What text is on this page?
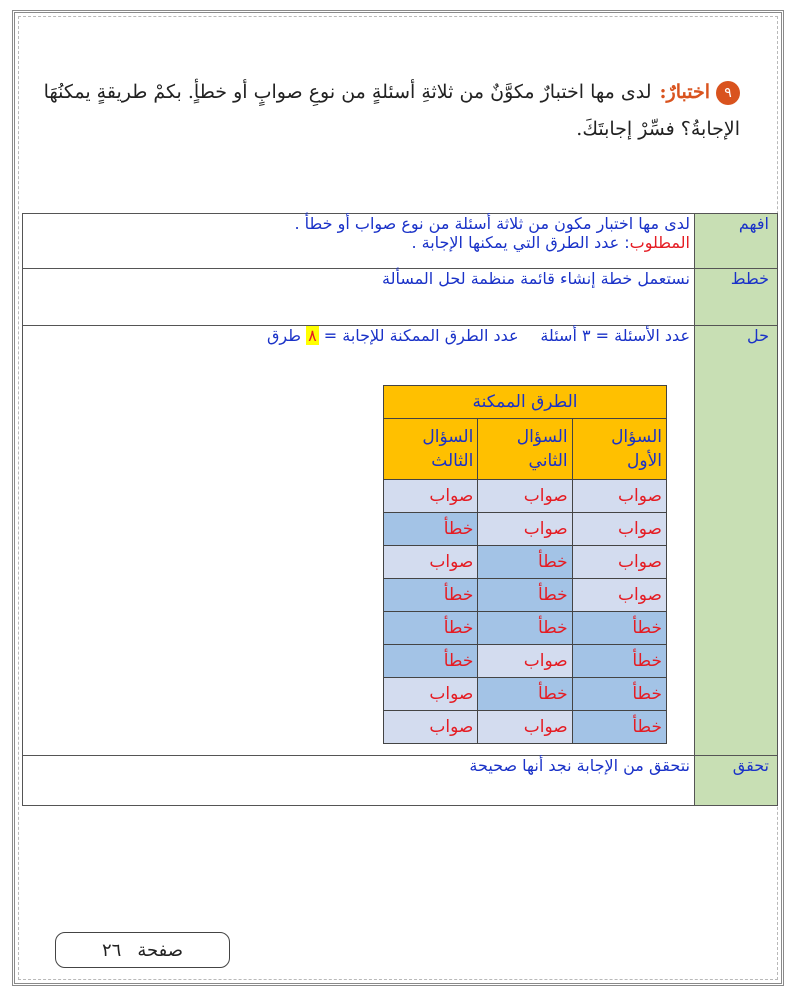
٩اختبارٌ:لدى مها اختبارٌ مكوَّنٌ من ثلاثةِ أسئلةٍ من نوعِ صوابٍ أو خطأٍ. بكمْ طريقةٍ يمكنُهَا الإجابةُ؟ فسِّرْ إجابتَكَ.
افهم	لدى مها اختبار مكون من ثلاثة أسئلة من نوع صواب أو خطأ .
المطلوب: عدد الطرق التي يمكنها الإجابة .

خطط	نستعمل خطة إنشاء قائمة منظمة لحل المسألة
حل	عدد الأسئلة = ٣ أسئلة
عدد الطرق الممكنة للإجابة = ٨ طرق

تحقق	نتحقق من الإجابة نجد أنها صحيحة
الطرق الممكنة		
السؤال الأول	السؤال الثاني	السؤال الثالث
صواب	صواب	صواب
صواب	صواب	خطأ
صواب	خطأ	صواب
صواب	خطأ	خطأ
خطأ	خطأ	خطأ
خطأ	صواب	خطأ
خطأ	خطأ	صواب
خطأ	صواب	صواب
صفحة
٢٦
